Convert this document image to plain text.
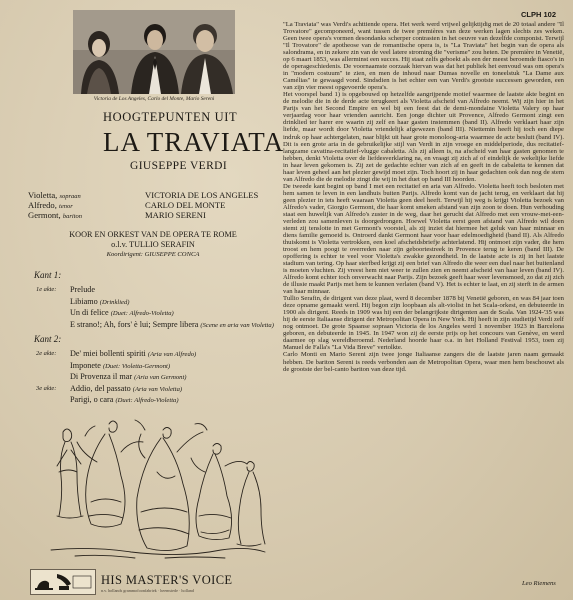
Victoria de Los Angeles, Carlo del Monte, Mario Sereni
CLPH 102
HOOGTEPUNTEN UIT
LA TRAVIATA
GIUSEPPE VERDI
Violetta, sopraan	VICTORIA DE LOS ANGELES
Alfredo, tenor	CARLO DEL MONTE
Germont, bariton	MARIO SERENI
KOOR EN ORKEST VAN DE OPERA TE ROME
o.l.v. TULLIO SERAFIN
Koordirigent: GIUSEPPE CONCA
Kant 1:
1e akte: Prelude
Libiamo (Drinklied)
Un di felice (Duet: Alfredo-Violetta)
E strano!; Ah, fors' è lui; Sempre libera (Scene en aria van Violetta)
Kant 2:
2e akte: De' miei bollenti spiriti (Aria van Alfredo)
Imponete (Duet: Violetta-Germont)
Di Provenza il mar (Aria van Germont)
3e akte: Addio, del passato (Aria van Violetta)
Parigi, o cara (Duet: Alfredo-Violetta)
HIS MASTER'S VOICE
n.v. hollands grammofoonfabriek · heemstede · holland

"La Traviata" was Verdi's achttiende opera. Het werk werd vrijwel gelijktijdig met de 20 totaal andere "Il Trovatore" gecomponeerd, want tussen de twee premières van deze werken lagen slechts zes weken. Geen twee opera's vormen desondanks scherper contrasten in het oeuvre van dezelfde componist. Terwijl "Il Trovatore" de apotheose van de romantische opera is, is "La Traviata" het begin van de opera als salondrama, en in zekere zin van de veel latere stroming die "verisme" zou heten. De première in Venetië, op 6 maart 1853, was allerminst een succes. Hij staat zelfs geboekt als een der meest beroemde fiasco's in de operageschiedenis. De voornaamste oorzaak hiervan was dat het publiek het eenvoud was om opera's in "modern costuum" te zien, en men de inhoud naar Dumas novelle en toneelstuk "La Dame aux Camélias" te gewaagd vond. Sindsdien is het echter een van Verdi's grootste successen geworden, een van zijn vier meest opgevoerde opera's.

Het voorspel band 1) is opgebouwd op hetzelfde aangrijpende motief waarmee de laatste akte begint en de melodie die in de derde acte terugkeert als Violetta afscheid van Alfredo neemt. Wij zijn hier in het Parijs van het Second Empire en wel bij een feest dat de demi-mondaine Violetta Valery op haar verjaardag voor haar vrienden aanricht. Een jonge dichter uit Provence, Alfredo Germont zingt een drinklied ter harer ere waarin zij zelf en haar gasten instemmen (band II). Alfredo verklaart haar zijn liefde, maar wordt door Violetta vriendelijk afgewezen (band III). Niettemin heeft hij toch een diepe indruk op haar achtergelaten, naar blijkt uit haar grote monoloog-aria waarmee de acte besluit (band IV). Dit is een grote aria in de gebruikelijke stijl van Verdi in zijn vroege en middelperiode, dus recitatief-langzame cavatina-recitatief-vlugge cabaletta. Als zij alleen is, na afscheid van haar gasten genomen te hebben, denkt Violetta over de liefdesverklaring na, en vraagt zij zich af of eindelijk de wekelijke liefde in haar leven gekomen is. Zij zet de gedachte echter van zich af en geeft in de cabaletta te kennen dat haar leven geheel aan het plezier gewijd moet zijn. Toch hoort zij in haar gedachten ook dan nog de stem van Alfredo die de melodie zingt die wij in het duet op band III hoorden.

De tweede kant begint op band I met een recitatief en aria van Alfredo. Violetta heeft toch besloten met hem samen te leven in een landhuis buiten Parijs. Alfredo komt van de jacht terug, en verklaart dat hij geen plezier in iets heeft waaraan Violetta geen deel heeft. Terwijl hij weg is krijgt Violetta bezoek van Alfredo's vader, Giorgio Germont, die haar komt smeken afstand van zijn zoon te doen. Hun verhouding staat een huwelijk van Alfredo's zuster in de weg, daar het gerucht dat Alfredo met een vrouw-met-een-verleden zou samenleven is doorgedrongen. Hoewel Violetta eerst geen afstand van Alfredo wil doen stemt zij tenslotte in met Germont's voorstel, als zij inziet dat hiermee het geluk van haar minnaar en diens familie gemoeid is. Ontroerd dankt Germont haar voor haar edelmoedigheid (band II). Als Alfredo thuiskomt is Violetta vertrokken, een koel afscheidsbriefje achterlatend. Hij ontmoet zijn vader, die hem troost en hem poogt te overreden naar zijn geboortestreek in Provence terug te keren (band III). De opoffering is echter te veel voor Violetta's zwakke gezondheid. In de laatste acte is zij in het laatste stadium van tering. Op haar sterfbed krijgt zij een brief van Alfredo die weer een duel naar het buitenland is moeten vluchten. Zij vreest hem niet weer te zullen zien en neemt afscheid van haar leven (band IV). Alfredo komt echter toch onverwacht naar Parijs. Zijn bezoek geeft haar weer levensmoed, zo dat zij zich de illusie maakt Parijs met hem te kunnen verlaten (band V). Het is echter te laat, en zij sterft in de armen van haar minnaar.

Tullio Serafin, de dirigent van deze plaat, werd 8 december 1878 bij Venetië geboren, en was 84 jaar toen deze opname gemaakt werd. Hij begon zijn loopbaan als alt-violist in het Scala-orkest, en debuteerde in 1900 als dirigent. Reeds in 1909 was hij een der belangrijkste dirigenten aan de Scala. Van 1924-'35 was hij de eerste Italiaanse dirigent der Metropolitan Opera in New York. Hij heeft in zijn studietijd Verdi zelf nog ontmoet. De grote Spaanse sopraan Victoria de los Angeles werd 1 november 1923 in Barcelona geboren, en debuteerde in 1945. In 1947 won zij de eerste prijs op het concours van Genève, en werd daarmee op slag wereldberoemd. Nederland hoorde haar o.a. in het Holland Festival 1953, toen zij Manuel de Falla's "La Vida Breve" vertolkte.

Carlo Monti en Mario Sereni zijn twee jonge Italiaanse zangers die de laatste jaren naam gemaakt hebben. De bariton Sereni is reeds verbonden aan de Metropolitan Opera, waar men hem beschouwt als de grootste der bel-canto bariton van deze tijd.

Leo Riemens
